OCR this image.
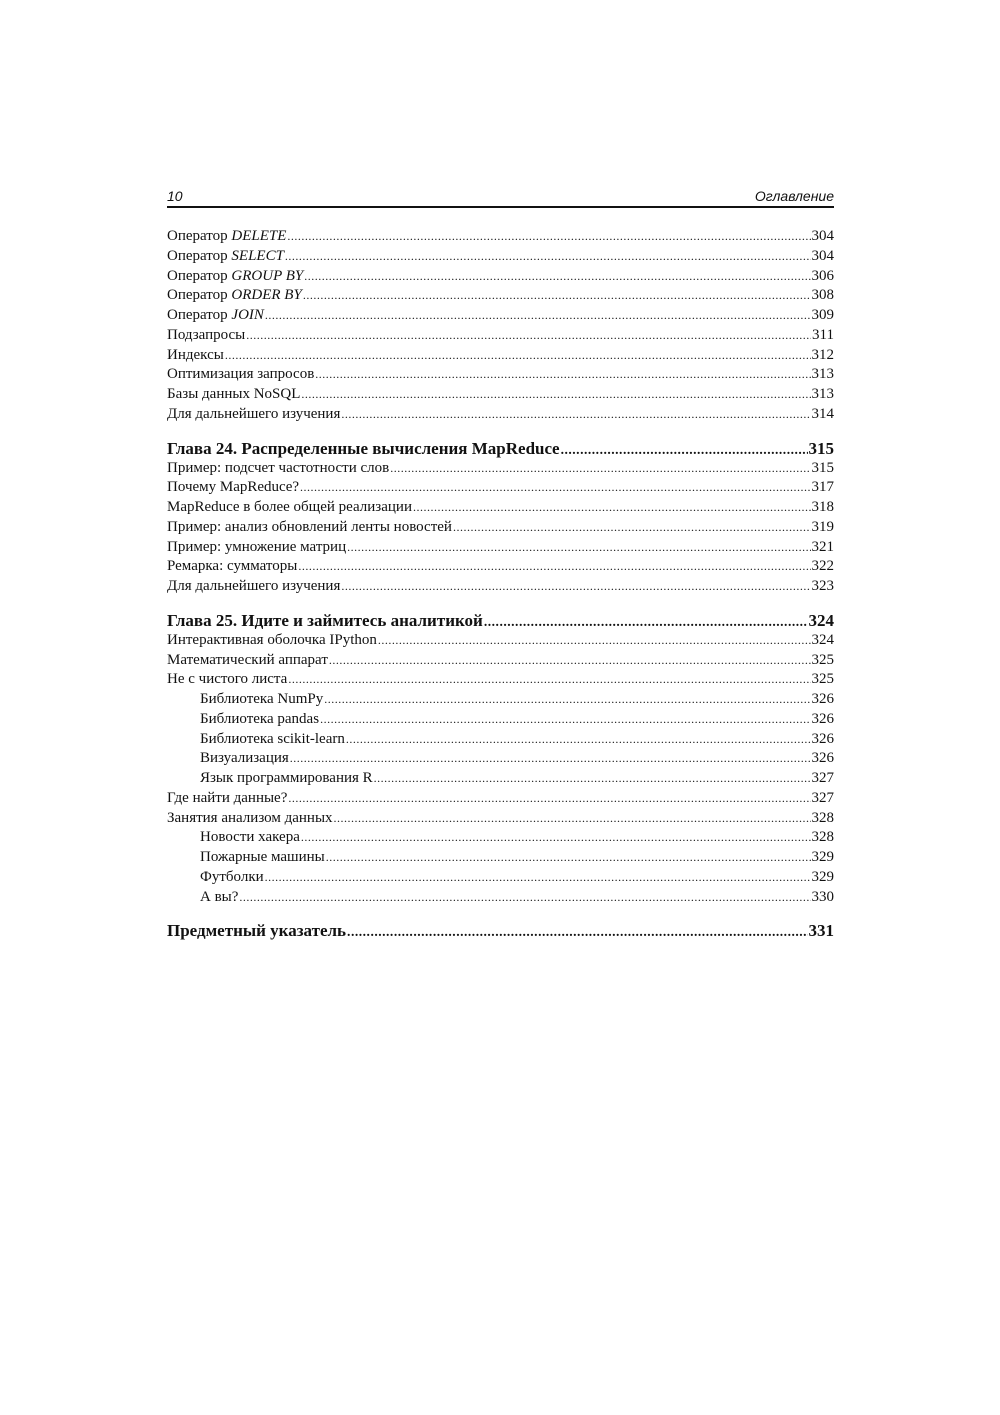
10	Оглавление
Оператор DELETE .....	304
Оператор SELECT .....	304
Оператор GROUP BY .....	306
Оператор ORDER BY .....	308
Оператор JOIN .....	309
Подзапросы .....	311
Индексы .....	312
Оптимизация запросов .....	313
Базы данных NoSQL .....	313
Для дальнейшего изучения .....	314
Глава 24. Распределенные вычисления MapReduce .....	315
Пример: подсчет частотности слов .....	315
Почему MapReduce? .....	317
MapReduce в более общей реализации .....	318
Пример: анализ обновлений ленты новостей .....	319
Пример: умножение матриц .....	321
Ремарка: сумматоры .....	322
Для дальнейшего изучения .....	323
Глава 25. Идите и займитесь аналитикой .....	324
Интерактивная оболочка IPython .....	324
Математический аппарат .....	325
Не с чистого листа .....	325
Библиотека NumPy .....	326
Библиотека pandas .....	326
Библиотека scikit-learn .....	326
Визуализация .....	326
Язык программирования R .....	327
Где найти данные? .....	327
Занятия анализом данных .....	328
Новости хакера .....	328
Пожарные машины .....	329
Футболки .....	329
А вы? .....	330
Предметный указатель .....	331
